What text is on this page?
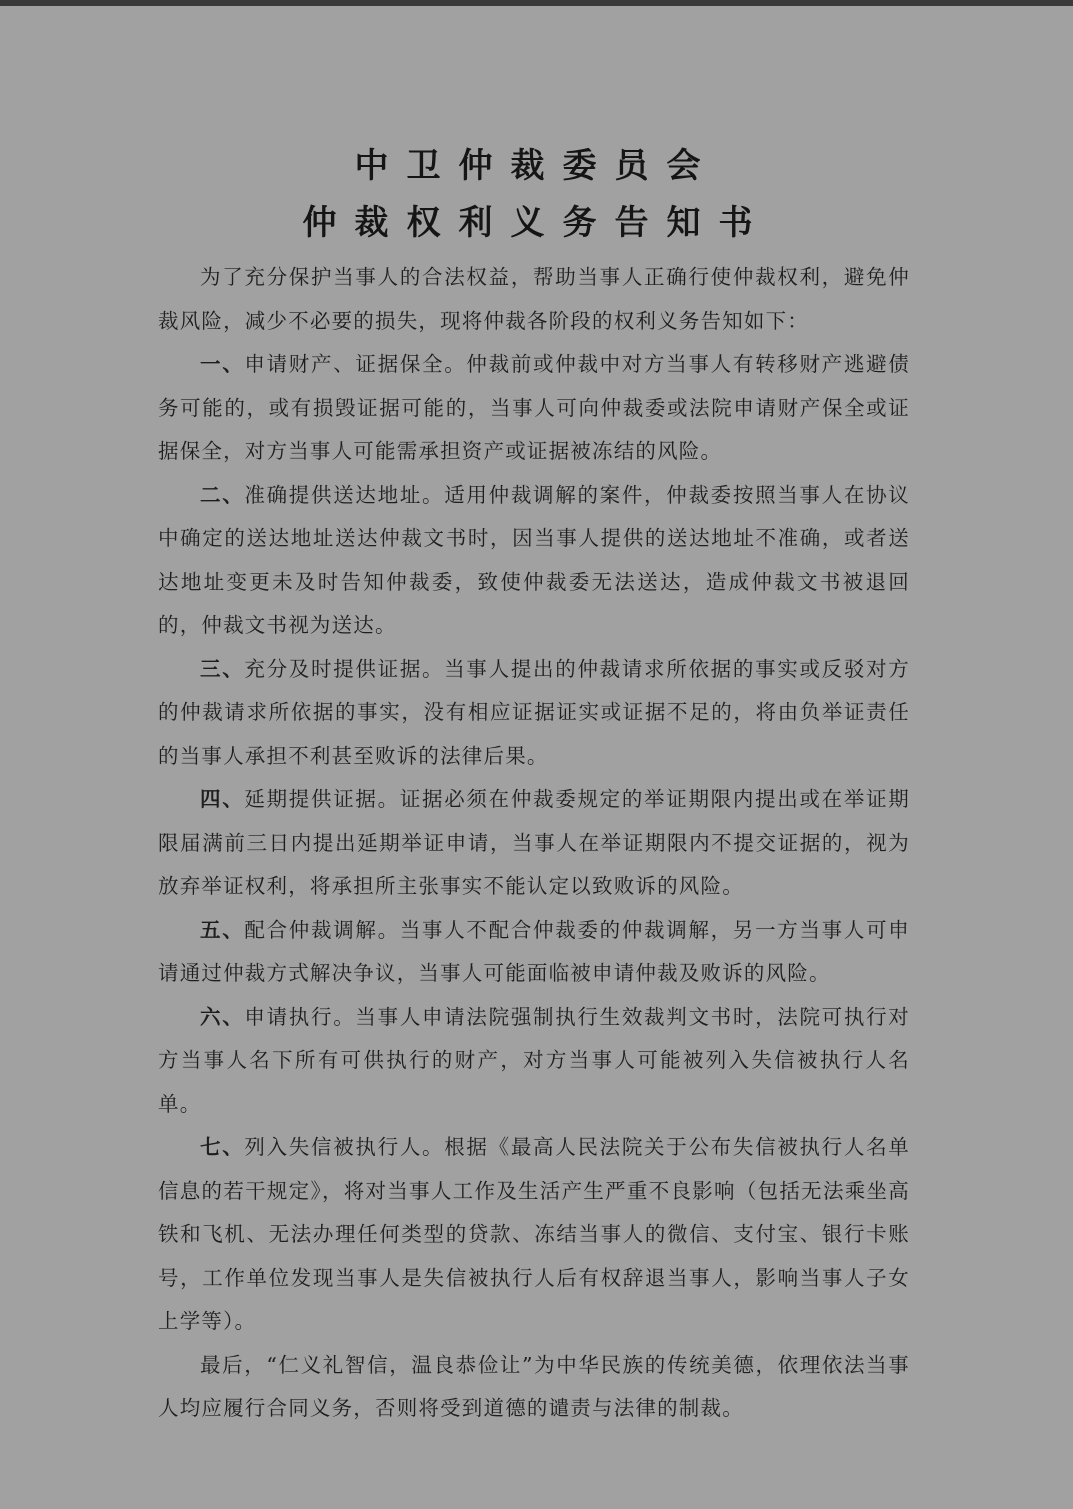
中卫仲裁委员会
仲裁权利义务告知书

为了充分保护当事人的合法权益，帮助当事人正确行使仲裁权利，避免仲裁风险，减少不必要的损失，现将仲裁各阶段的权利义务告知如下：

一、申请财产、证据保全。仲裁前或仲裁中对方当事人有转移财产逃避债务可能的，或有损毁证据可能的，当事人可向仲裁委或法院申请财产保全或证据保全，对方当事人可能需承担资产或证据被冻结的风险。

二、准确提供送达地址。适用仲裁调解的案件，仲裁委按照当事人在协议中确定的送达地址送达仲裁文书时，因当事人提供的送达地址不准确，或者送达地址变更未及时告知仲裁委，致使仲裁委无法送达，造成仲裁文书被退回的，仲裁文书视为送达。

三、充分及时提供证据。当事人提出的仲裁请求所依据的事实或反驳对方的仲裁请求所依据的事实，没有相应证据证实或证据不足的，将由负举证责任的当事人承担不利甚至败诉的法律后果。

四、延期提供证据。证据必须在仲裁委规定的举证期限内提出或在举证期限届满前三日内提出延期举证申请，当事人在举证期限内不提交证据的，视为放弃举证权利，将承担所主张事实不能认定以致败诉的风险。

五、配合仲裁调解。当事人不配合仲裁委的仲裁调解，另一方当事人可申请通过仲裁方式解决争议，当事人可能面临被申请仲裁及败诉的风险。

六、申请执行。当事人申请法院强制执行生效裁判文书时，法院可执行对方当事人名下所有可供执行的财产，对方当事人可能被列入失信被执行人名单。

七、列入失信被执行人。根据《最高人民法院关于公布失信被执行人名单信息的若干规定》，将对当事人工作及生活产生严重不良影响（包括无法乘坐高铁和飞机、无法办理任何类型的贷款、冻结当事人的微信、支付宝、银行卡账号，工作单位发现当事人是失信被执行人后有权辞退当事人，影响当事人子女上学等）。

最后，“仁义礼智信，温良恭俭让”为中华民族的传统美德，依理依法当事人均应履行合同义务，否则将受到道德的谴责与法律的制裁。
